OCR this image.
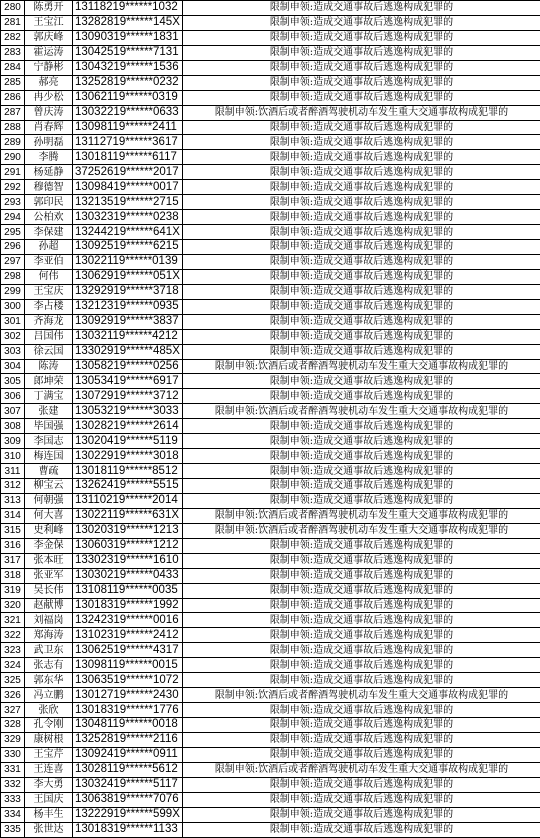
280	陈勇开	13118219******1032	限制申领:造成交通事故后逃逸构成犯罪的
281	王宝江	13282819******145X	限制申领:造成交通事故后逃逸构成犯罪的
282	郭庆峰	13090319******1831	限制申领:造成交通事故后逃逸构成犯罪的
283	霍运涛	13042519******7131	限制申领:造成交通事故后逃逸构成犯罪的
284	宁静彬	13043219******1536	限制申领:造成交通事故后逃逸构成犯罪的
285	郝亮	13252819******0232	限制申领:造成交通事故后逃逸构成犯罪的
286	冉少松	13062119******0319	限制申领:造成交通事故后逃逸构成犯罪的
287	曾庆涛	13032219******0633	限制申领:饮酒后或者醉酒驾驶机动车发生重大交通事故构成犯罪的
288	肖春辉	13098119******2411	限制申领:造成交通事故后逃逸构成犯罪的
289	孙明磊	13112719******3617	限制申领:造成交通事故后逃逸构成犯罪的
290	李腾	13018119******6117	限制申领:造成交通事故后逃逸构成犯罪的
291	杨延静	37252619******2017	限制申领:造成交通事故后逃逸构成犯罪的
292	穆德智	13098419******0017	限制申领:造成交通事故后逃逸构成犯罪的
293	郭印民	13213519******2715	限制申领:造成交通事故后逃逸构成犯罪的
294	公柏欢	13032319******0238	限制申领:造成交通事故后逃逸构成犯罪的
295	李保建	13244219******641X	限制申领:造成交通事故后逃逸构成犯罪的
296	孙超	13092519******6215	限制申领:造成交通事故后逃逸构成犯罪的
297	李亚伯	13022119******0139	限制申领:造成交通事故后逃逸构成犯罪的
298	何伟	13062919******051X	限制申领:造成交通事故后逃逸构成犯罪的
299	王宝庆	13292919******3718	限制申领:造成交通事故后逃逸构成犯罪的
300	李占楼	13212319******0935	限制申领:造成交通事故后逃逸构成犯罪的
301	齐海龙	13092919******3837	限制申领:造成交通事故后逃逸构成犯罪的
302	吕国伟	13032119******4212	限制申领:造成交通事故后逃逸构成犯罪的
303	徐云国	13302919******485X	限制申领:造成交通事故后逃逸构成犯罪的
304	陈涛	13058219******0256	限制申领:饮酒后或者醉酒驾驶机动车发生重大交通事故构成犯罪的
305	郎坤荣	13053419******6917	限制申领:造成交通事故后逃逸构成犯罪的
306	丁满宝	13072919******3712	限制申领:造成交通事故后逃逸构成犯罪的
307	张建	13053219******3033	限制申领:饮酒后或者醉酒驾驶机动车发生重大交通事故构成犯罪的
308	毕国强	13028219******2614	限制申领:造成交通事故后逃逸构成犯罪的
309	李国志	13020419******5119	限制申领:造成交通事故后逃逸构成犯罪的
310	梅连国	13022919******3018	限制申领:造成交通事故后逃逸构成犯罪的
311	曹疏	13018119******8512	限制申领:造成交通事故后逃逸构成犯罪的
312	柳宝云	13262419******5515	限制申领:造成交通事故后逃逸构成犯罪的
313	何朝强	13110219******2014	限制申领:造成交通事故后逃逸构成犯罪的
314	何大喜	13022119******631X	限制申领:饮酒后或者醉酒驾驶机动车发生重大交通事故构成犯罪的
315	史利峰	13020319******1213	限制申领:饮酒后或者醉酒驾驶机动车发生重大交通事故构成犯罪的
316	李金保	13060319******1212	限制申领:造成交通事故后逃逸构成犯罪的
317	张本旺	13302319******1610	限制申领:造成交通事故后逃逸构成犯罪的
318	张亚军	13030219******0433	限制申领:造成交通事故后逃逸构成犯罪的
319	吴长伟	13108119******0035	限制申领:造成交通事故后逃逸构成犯罪的
320	赵献博	13018319******1992	限制申领:造成交通事故后逃逸构成犯罪的
321	刘福岗	13242319******0016	限制申领:造成交通事故后逃逸构成犯罪的
322	郑海涛	13102319******2412	限制申领:造成交通事故后逃逸构成犯罪的
323	武卫东	13062519******4317	限制申领:造成交通事故后逃逸构成犯罪的
324	张志有	13098119******0015	限制申领:造成交通事故后逃逸构成犯罪的
325	郭东华	13063519******1072	限制申领:造成交通事故后逃逸构成犯罪的
326	冯立鹏	13012719******2430	限制申领:饮酒后或者醉酒驾驶机动车发生重大交通事故构成犯罪的
327	张欣	13018319******1776	限制申领:造成交通事故后逃逸构成犯罪的
328	孔令刚	13048119******0018	限制申领:造成交通事故后逃逸构成犯罪的
329	康树根	13252819******2116	限制申领:造成交通事故后逃逸构成犯罪的
330	王宝芹	13092419******0911	限制申领:造成交通事故后逃逸构成犯罪的
331	王连喜	13028119******5612	限制申领:饮酒后或者醉酒驾驶机动车发生重大交通事故构成犯罪的
332	李大勇	13032419******5117	限制申领:造成交通事故后逃逸构成犯罪的
333	王国庆	13063819******7076	限制申领:造成交通事故后逃逸构成犯罪的
334	杨丰生	13222919******599X	限制申领:造成交通事故后逃逸构成犯罪的
335	张世达	13018319******1133	限制申领:造成交通事故后逃逸构成犯罪的
